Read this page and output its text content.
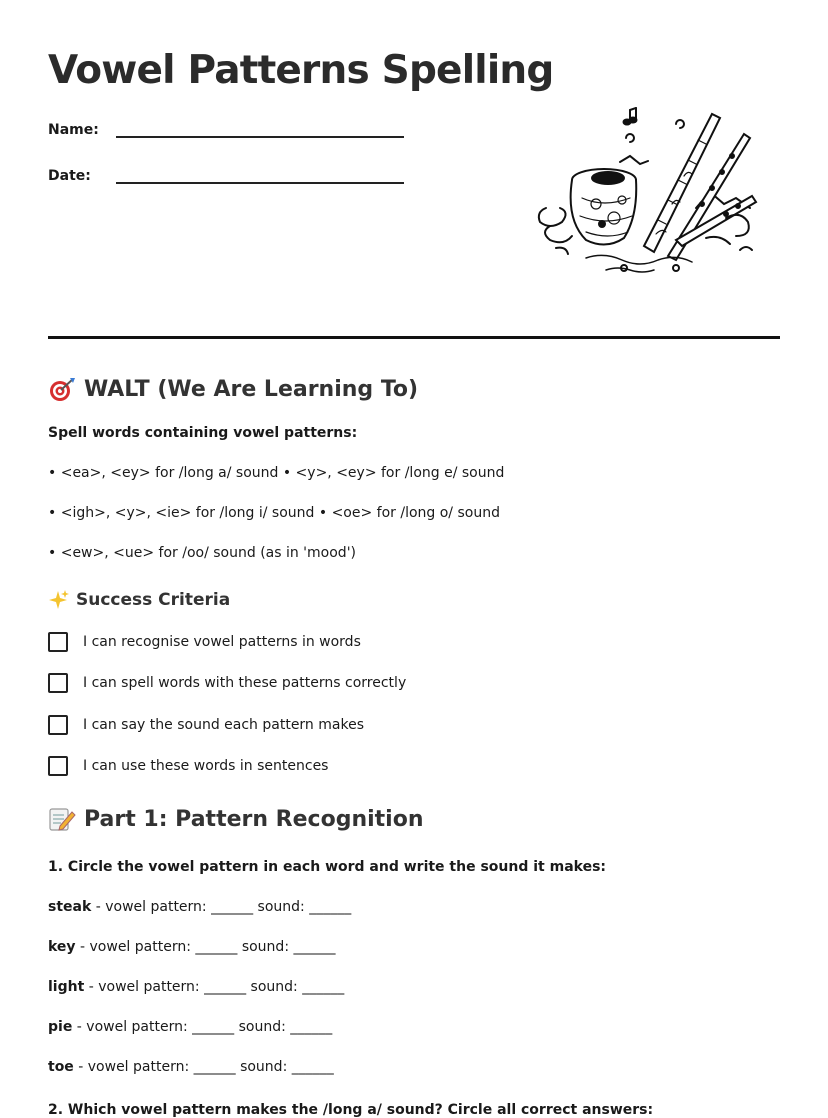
Vowel Patterns Spelling
Name:
Date:
WALT (We Are Learning To)
Spell words containing vowel patterns:
• <ea>, <ey> for /long a/ sound • <y>, <ey> for /long e/ sound
• <igh>, <y>, <ie> for /long i/ sound • <oe> for /long o/ sound
• <ew>, <ue> for /oo/ sound (as in 'mood')
Success Criteria
I can recognise vowel patterns in words
I can spell words with these patterns correctly
I can say the sound each pattern makes
I can use these words in sentences
Part 1: Pattern Recognition
1. Circle the vowel pattern in each word and write the sound it makes:
steak - vowel pattern: ______ sound: ______
key - vowel pattern: ______ sound: ______
light - vowel pattern: ______ sound: ______
pie - vowel pattern: ______ sound: ______
toe - vowel pattern: ______ sound: ______
2. Which vowel pattern makes the /long a/ sound? Circle all correct answers:
